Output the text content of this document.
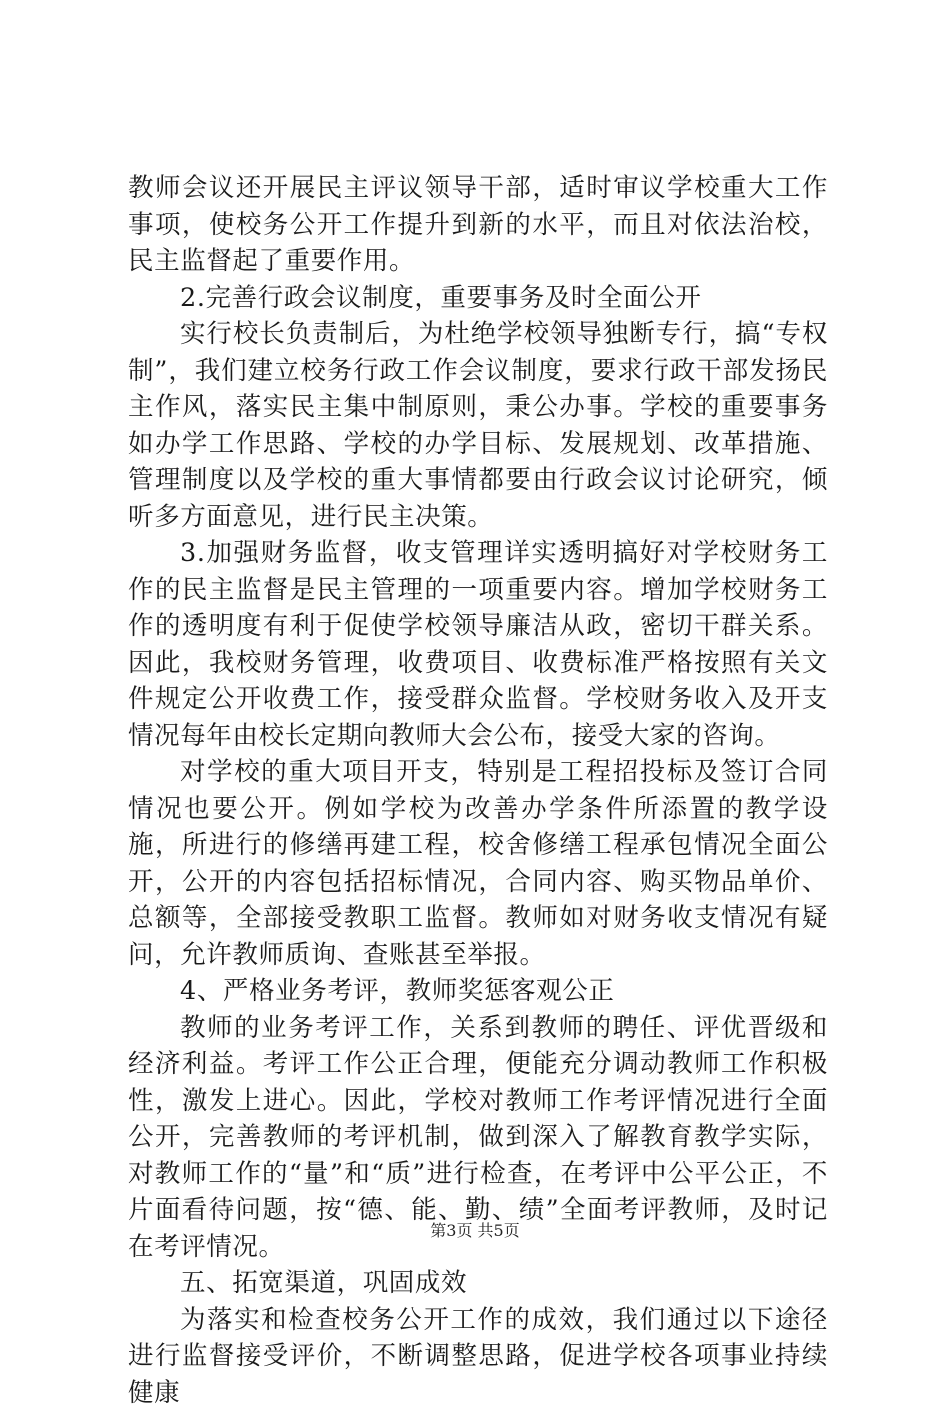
教师会议还开展民主评议领导干部，适时审议学校重大工作事项，使校务公开工作提升到新的水平，而且对依法治校，民主监督起了重要作用。

2.完善行政会议制度，重要事务及时全面公开

实行校长负责制后，为杜绝学校领导独断专行，搞“专权制”，我们建立校务行政工作会议制度，要求行政干部发扬民主作风，落实民主集中制原则，秉公办事。学校的重要事务如办学工作思路、学校的办学目标、发展规划、改革措施、管理制度以及学校的重大事情都要由行政会议讨论研究，倾听多方面意见，进行民主决策。

3.加强财务监督，收支管理详实透明搞好对学校财务工作的民主监督是民主管理的一项重要内容。增加学校财务工作的透明度有利于促使学校领导廉洁从政，密切干群关系。因此，我校财务管理，收费项目、收费标准严格按照有关文件规定公开收费工作，接受群众监督。学校财务收入及开支情况每年由校长定期向教师大会公布，接受大家的咨询。

对学校的重大项目开支，特别是工程招投标及签订合同情况也要公开。例如学校为改善办学条件所添置的教学设施，所进行的修缮再建工程，校舍修缮工程承包情况全面公开，公开的内容包括招标情况，合同内容、购买物品单价、总额等，全部接受教职工监督。教师如对财务收支情况有疑问，允许教师质询、查账甚至举报。

4、严格业务考评，教师奖惩客观公正

教师的业务考评工作，关系到教师的聘任、评优晋级和经济利益。考评工作公正合理，便能充分调动教师工作积极性，激发上进心。因此，学校对教师工作考评情况进行全面公开，完善教师的考评机制，做到深入了解教育教学实际，对教师工作的“量”和“质”进行检查，在考评中公平公正，不片面看待问题，按“德、能、勤、绩”全面考评教师，及时记在考评情况。

五、拓宽渠道，巩固成效

为落实和检查校务公开工作的成效，我们通过以下途径进行监督接受评价，不断调整思路，促进学校各项事业持续健康

第3页 共5页
